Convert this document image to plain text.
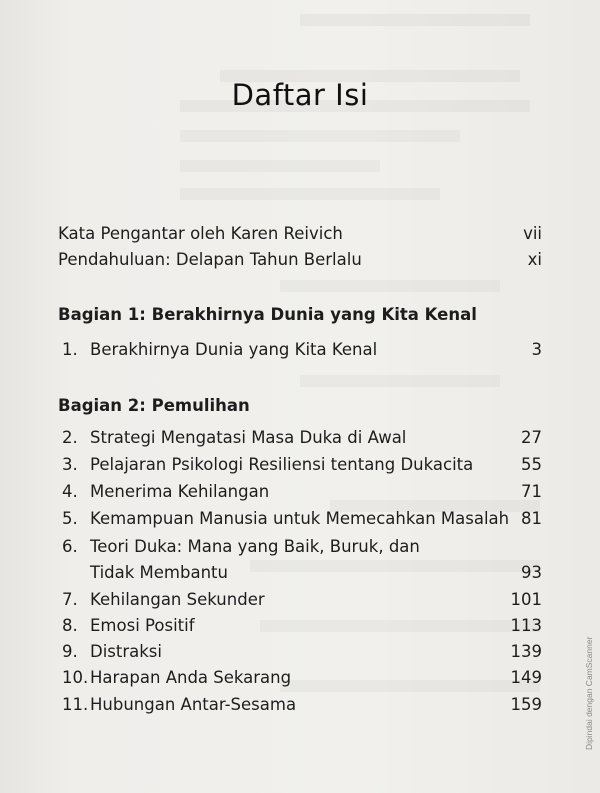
Daftar Isi
Kata Pengantar oleh Karen Reivich	vii
Pendahuluan: Delapan Tahun Berlalu	xi
Bagian 1: Berakhirnya Dunia yang Kita Kenal
1. Berakhirnya Dunia yang Kita Kenal	3
Bagian 2: Pemulihan
2. Strategi Mengatasi Masa Duka di Awal	27
3. Pelajaran Psikologi Resiliensi tentang Dukacita	55
4. Menerima Kehilangan	71
5. Kemampuan Manusia untuk Memecahkan Masalah 81
6. Teori Duka: Mana yang Baik, Buruk, dan
Tidak Membantu	93
7. Kehilangan Sekunder	101
8. Emosi Positif	113
9. Distraksi	139
10. Harapan Anda Sekarang	149
11. Hubungan Antar-Sesama	159	Dipindai dengan CamScanner
